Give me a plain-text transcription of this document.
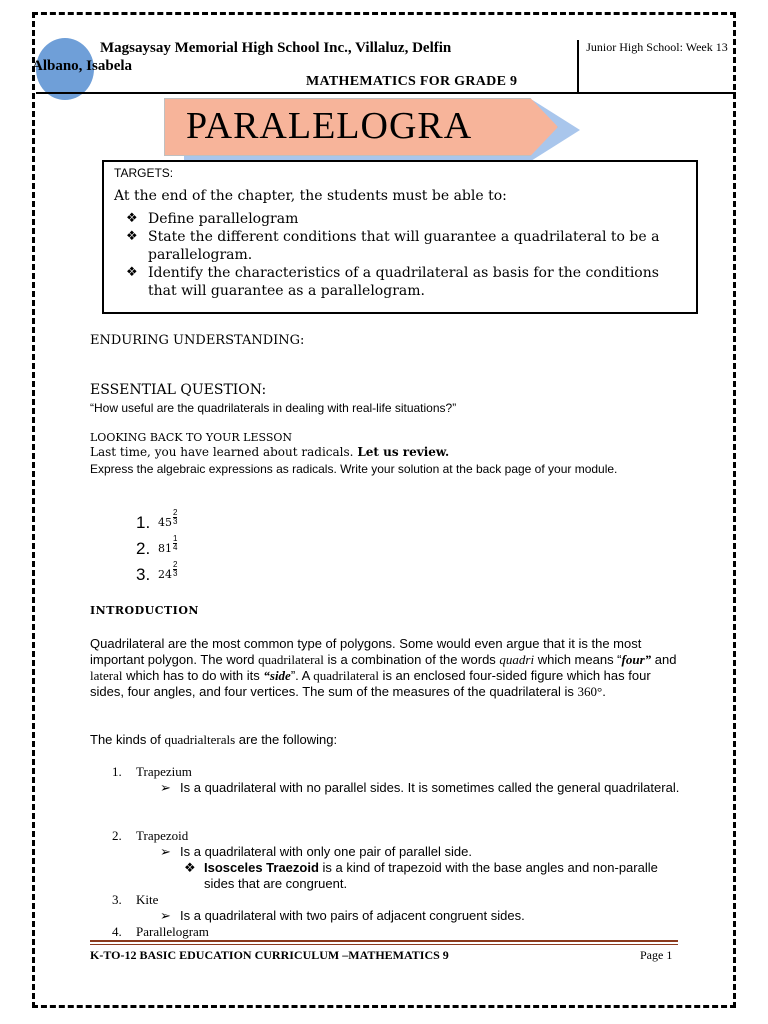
Magsaysay Memorial High School Inc., Villaluz, Delfin
Albano, Isabela
MATHEMATICS FOR GRADE 9
Junior High School: Week 13
PARALELOGRA

TARGETS:

At the end of the chapter, the students must be able to:

❖ Define parallelogram
❖ State the different conditions that will guarantee a quadrilateral to be a parallelogram.
❖ Identify the characteristics of a quadrilateral as basis for the conditions that will guarantee as a parallelogram.
ENDURING UNDERSTANDING:
ESSENTIAL QUESTION:
“How useful are the quadrilaterals in dealing with real-life situations?”
LOOKING BACK TO YOUR LESSON
Last time, you have learned about radicals. Let us review.
Express the algebraic expressions as radicals. Write your solution at the back page of your module.
1. 45
2
3
2. 81
1
4
3. 24
2
3
INTRODUCTION
Quadrilateral are the most common type of polygons. Some would even argue that it is the most important polygon. The word quadrilateral is a combination of the words quadri which means “four” and lateral which has to do with its “side”. A quadrilateral is an enclosed four-sided figure which has four sides, four angles, and four vertices. The sum of the measures of the quadrilateral is 360°.
The kinds of quadrialterals are the following:
1. Trapezium
➢ Is a quadrilateral with no parallel sides. It is sometimes called the general quadrilateral.
2. Trapezoid
➢ Is a quadrilateral with only one pair of parallel side.
❖ Isosceles Traezoid is a kind of trapezoid with the base angles and non-paralle sides that are congruent.
3. Kite
➢ Is a quadrilateral with two pairs of adjacent congruent sides.
4. Parallelogram
K-TO-12 BASIC EDUCATION CURRICULUM –MATHEMATICS 9	Page 1
